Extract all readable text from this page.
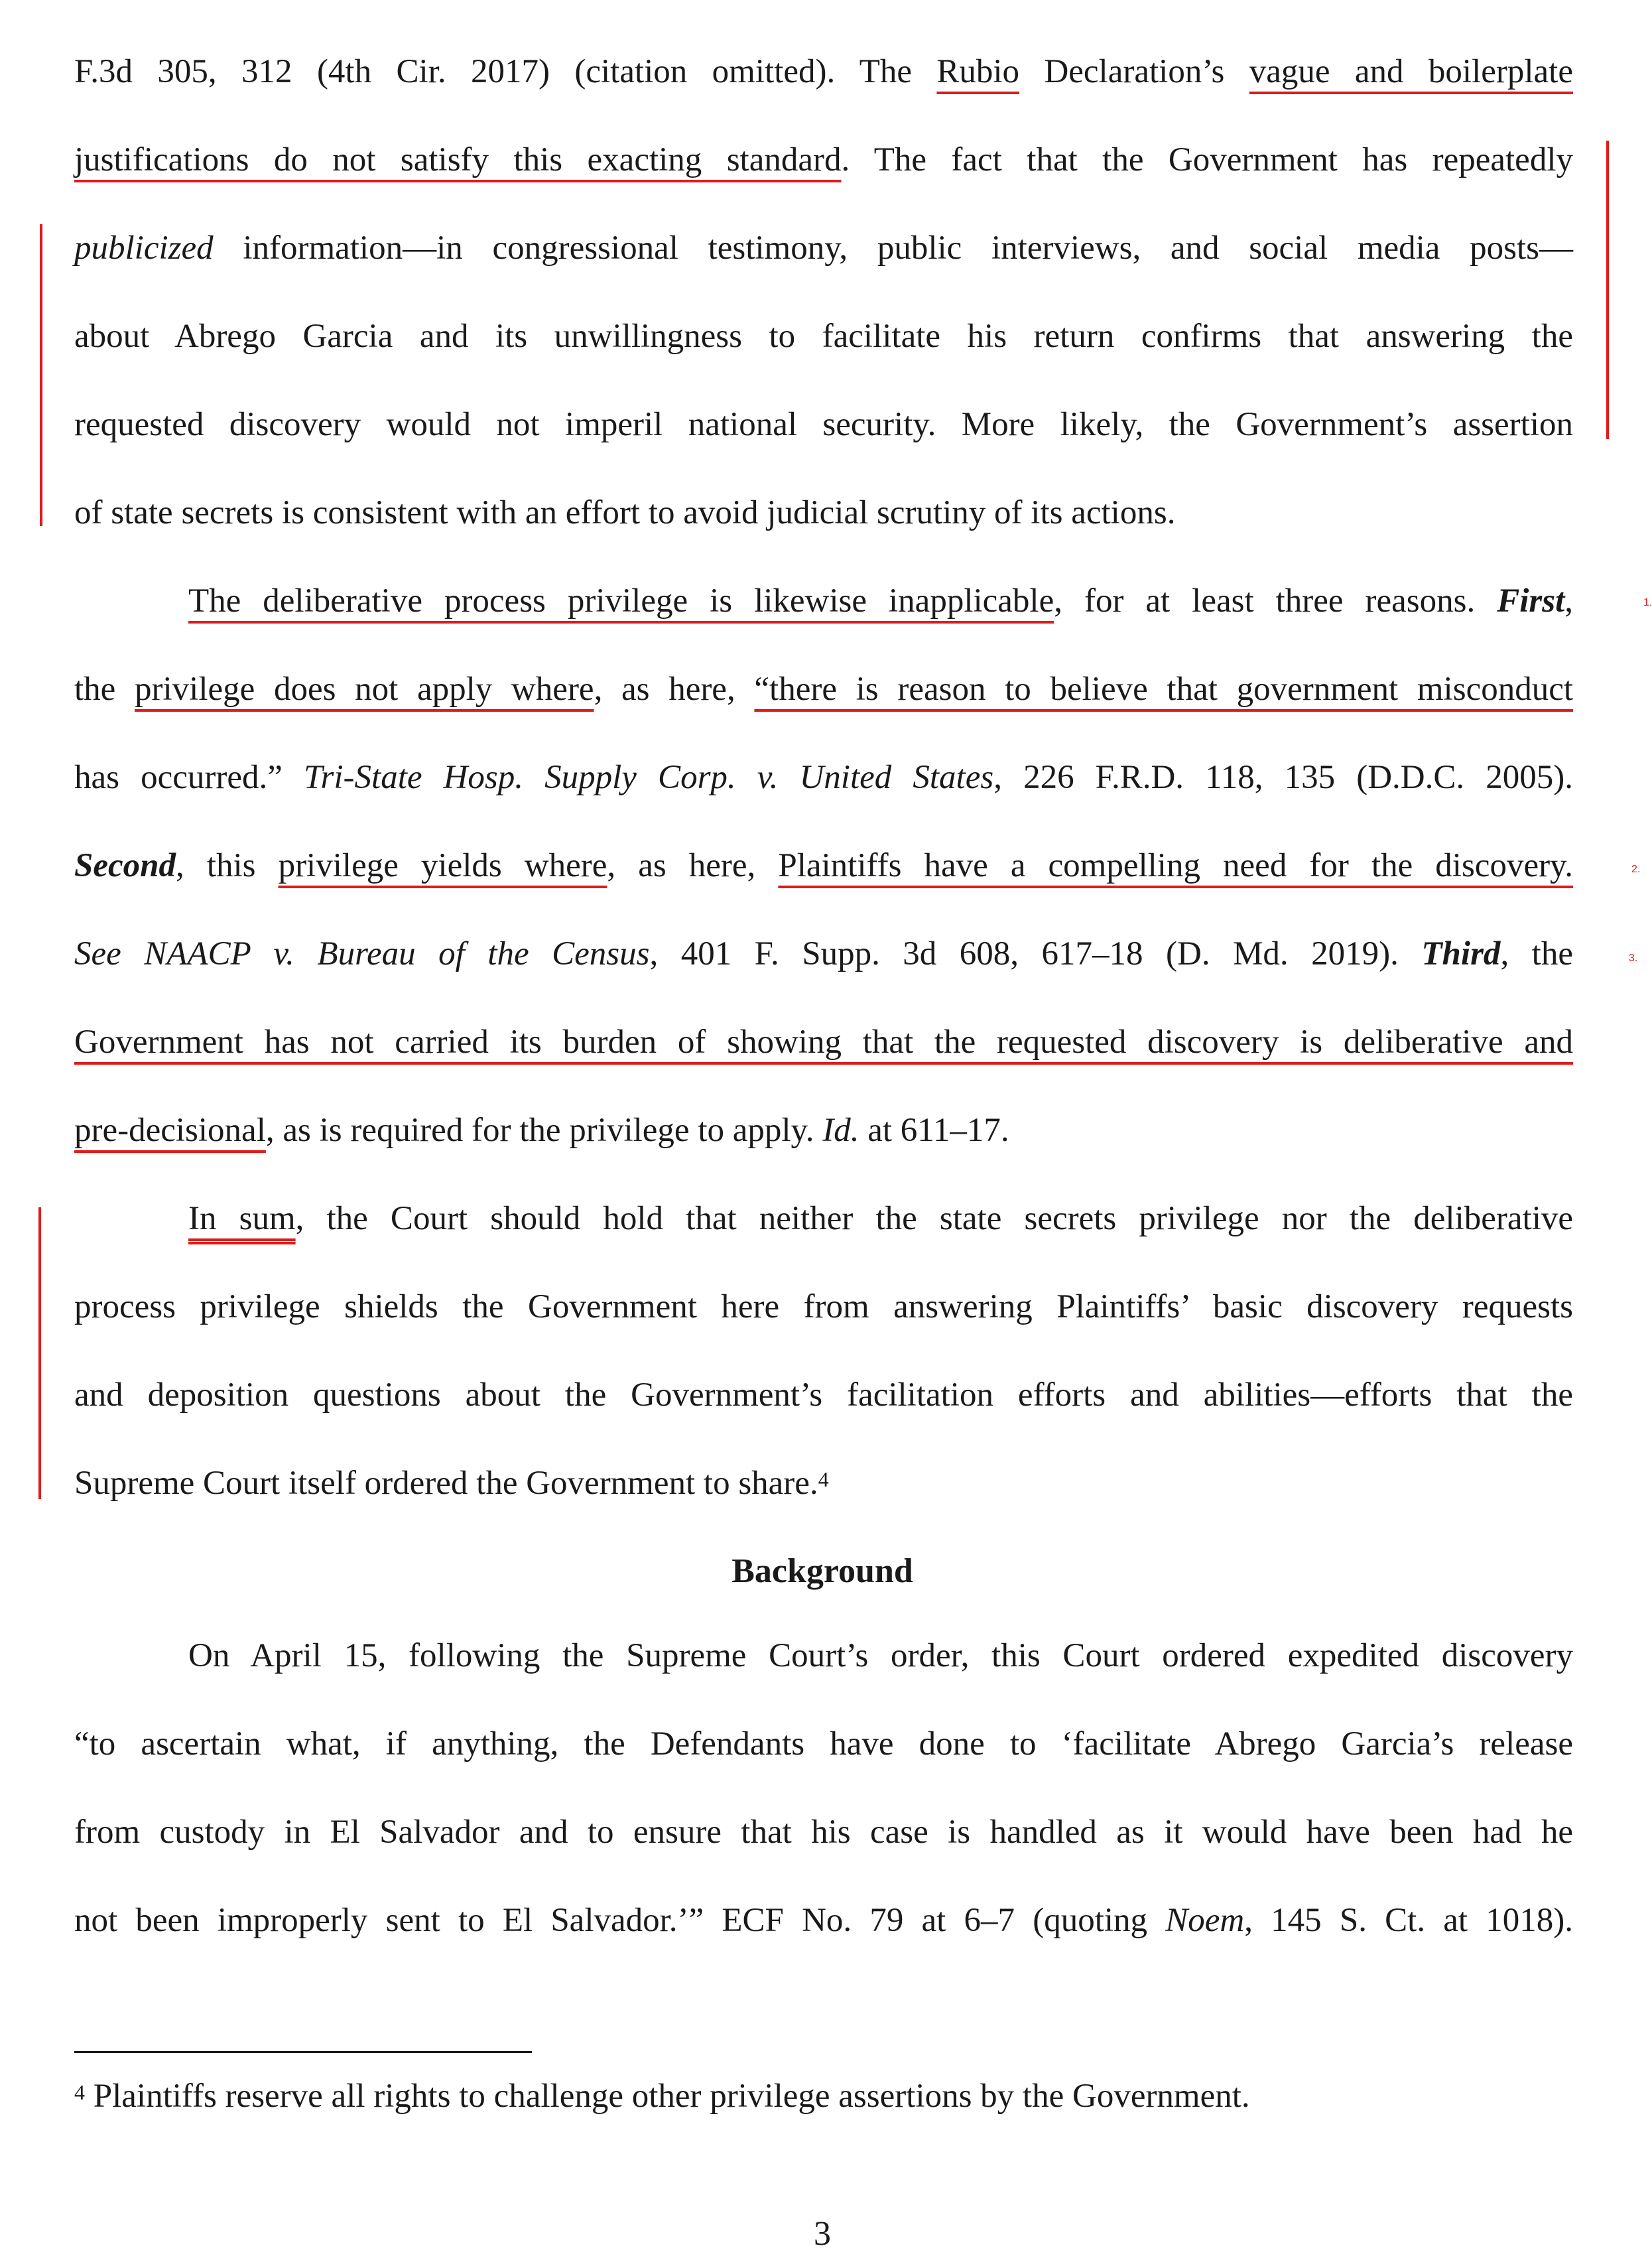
F.3d 305, 312 (4th Cir. 2017) (citation omitted). The Rubio Declaration’s vague and boilerplate
justifications do not satisfy this exacting standard. The fact that the Government has repeatedly
publicized information—in congressional testimony, public interviews, and social media posts—
about Abrego Garcia and its unwillingness to facilitate his return confirms that answering the
requested discovery would not imperil national security. More likely, the Government’s assertion
of state secrets is consistent with an effort to avoid judicial scrutiny of its actions.
The deliberative process privilege is likewise inapplicable, for at least three reasons. First,
the privilege does not apply where, as here, “there is reason to believe that government misconduct
has occurred.” Tri-State Hosp. Supply Corp. v. United States, 226 F.R.D. 118, 135 (D.D.C. 2005).
Second, this privilege yields where, as here, Plaintiffs have a compelling need for the discovery.
See NAACP v. Bureau of the Census, 401 F. Supp. 3d 608, 617–18 (D. Md. 2019). Third, the
Government has not carried its burden of showing that the requested discovery is deliberative and
pre-decisional, as is required for the privilege to apply. Id. at 611–17.
In sum, the Court should hold that neither the state secrets privilege nor the deliberative
process privilege shields the Government here from answering Plaintiffs’ basic discovery requests
and deposition questions about the Government’s facilitation efforts and abilities—efforts that the
Supreme Court itself ordered the Government to share.$^4$
Background
On April 15, following the Supreme Court’s order, this Court ordered expedited discovery
“to ascertain what, if anything, the Defendants have done to ‘facilitate Abrego Garcia’s release
from custody in El Salvador and to ensure that his case is handled as it would have been had he
not been improperly sent to El Salvador.’” ECF No. 79 at 6–7 (quoting Noem, 145 S. Ct. at 1018).
1.
2.
3.
$^4$ Plaintiffs reserve all rights to challenge other privilege assertions by the Government.
3
